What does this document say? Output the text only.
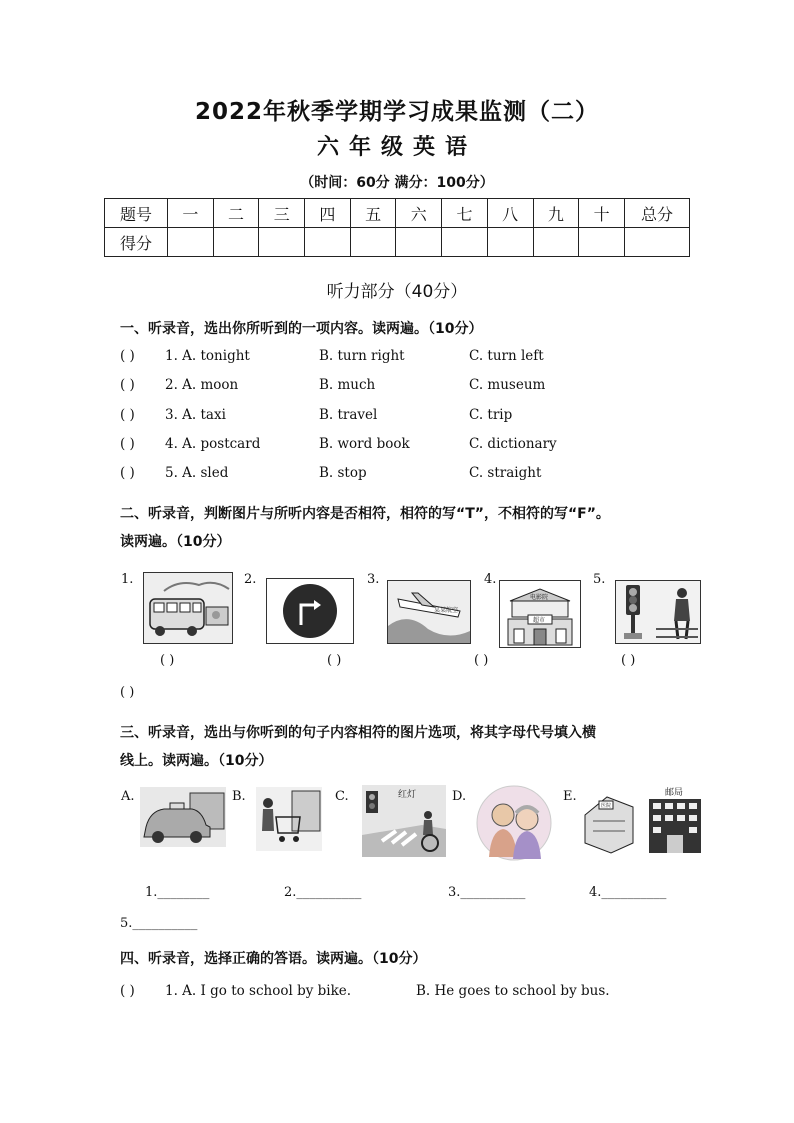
2022年秋季学期学习成果监测（二）
六年级英语
（时间：60分 满分：100分）
题号	一	二	三	四	五	六	七	八	九	十	总分
得分											
听力部分（40分）
一、听录音，选出你所听到的一项内容。读两遍。（10分）
( ) 1. A. tonight	B. turn right	C. turn left
( ) 2. A. moon	B. much	C. museum
( ) 3. A. taxi	B. travel	C. trip
( ) 4. A. postcard	B. word book	C. dictionary
( ) 5. A. sled	B. stop	C. straight
二、听录音，判断图片与所听内容是否相符，相符的写“T”，不相符的写“F”。
读两遍。（10分）
1.	2.	3.
某某航空
4.
电影院
超市
5.
( )	( )	( )	( )
( )
三、听录音，选出与你听到的句子内容相符的图片选项，将其字母代号填入横
线上。读两遍。（10分）
A.	B.	C.	红灯	D.	E.
医院
邮局
1.________	2.__________	3.__________	4.__________
5.__________
四、听录音，选择正确的答语。读两遍。（10分）
( ) 1. A. I go to school by bike.	B. He goes to school by bus.
